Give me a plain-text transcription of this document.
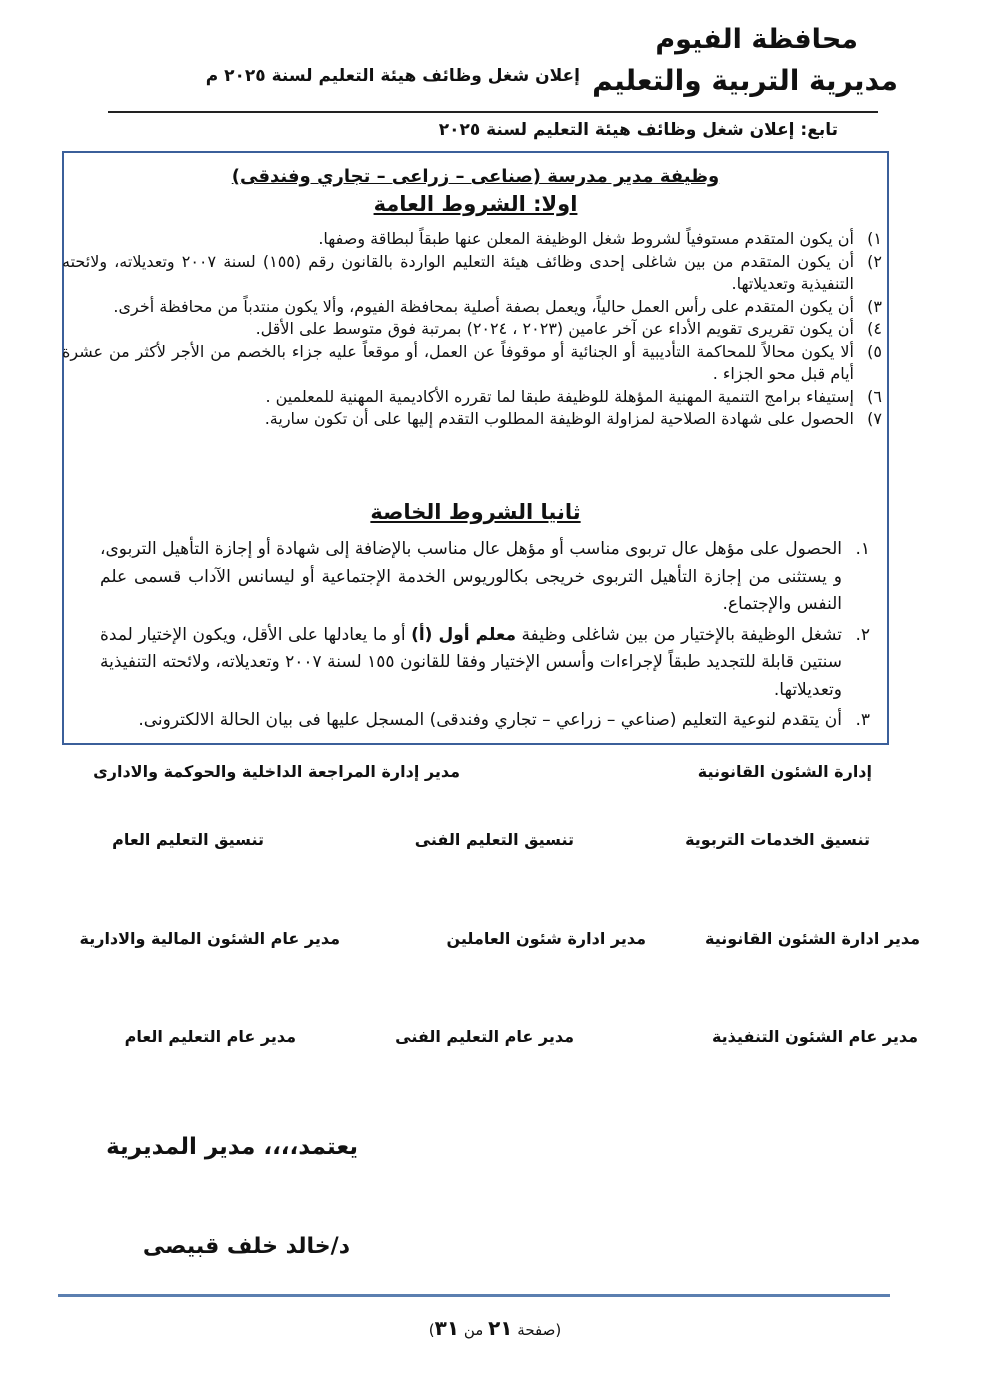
محافظة الفيوم
مديرية التربية والتعليم
إعلان شغل وظائف هيئة التعليم لسنة ٢٠٢٥ م
تابع: إعلان شغل وظائف هيئة التعليم لسنة ٢٠٢٥
وظيفة مدير مدرسة (صناعى – زراعى – تجاري وفندقى)
اولا: الشروط العامة
١)
أن يكون المتقدم مستوفياً لشروط شغل الوظيفة المعلن عنها طبقاً لبطاقة وصفها.
٢)
أن يكون المتقدم من بين شاغلى إحدى وظائف هيئة التعليم الواردة بالقانون رقم (١٥٥) لسنة ٢٠٠٧ وتعديلاته، ولائحته التنفيذية وتعديلاتها.
٣)
أن يكون المتقدم على رأس العمل حالياً، ويعمل بصفة أصلية بمحافظة الفيوم، وألا يكون منتدباً من محافظة أخرى.
٤)
أن يكون تقريرى تقويم الأداء عن آخر عامين (٢٠٢٣ ، ٢٠٢٤) بمرتبة فوق متوسط على الأقل.
٥)
ألا يكون محالاً للمحاكمة التأديبية أو الجنائية أو موقوفاً عن العمل، أو موقعاً عليه جزاء بالخصم من الأجر لأكثر من عشرة أيام قبل محو الجزاء .
٦)
إستيفاء برامج التنمية المهنية المؤهلة للوظيفة طبقا لما تقرره الأكاديمية المهنية للمعلمين .
٧)
الحصول على شهادة الصلاحية لمزاولة الوظيفة المطلوب التقدم إليها على أن تكون سارية.
ثانيا الشروط الخاصة
١.
الحصول على مؤهل عال تربوى مناسب أو مؤهل عال مناسب بالإضافة إلى شهادة أو إجازة التأهيل التربوى، و يستثنى من إجازة التأهيل التربوى خريجى بكالوريوس الخدمة الإجتماعية أو ليسانس الآداب قسمى علم النفس والإجتماع.
٢.
تشغل الوظيفة بالإختيار من بين شاغلى وظيفة معلم أول (أ) أو ما يعادلها على الأقل، ويكون الإختيار لمدة سنتين قابلة للتجديد طبقاً لإجراءات وأسس الإختيار وفقا للقانون ١٥٥ لسنة ٢٠٠٧ وتعديلاته، ولائحته التنفيذية وتعديلاتها.
٣.
أن يتقدم لنوعية التعليم (صناعي – زراعي – تجاري وفندقى) المسجل عليها فى بيان الحالة الالكترونى.
إدارة الشئون القانونية
مدير إدارة المراجعة الداخلية والحوكمة والادارى
تنسيق الخدمات التربوية
تنسيق التعليم الفنى
تنسيق التعليم العام
مدير ادارة الشئون القانونية
مدير ادارة شئون العاملين
مدير عام الشئون المالية والادارية
مدير عام الشئون التنفيذية
مدير عام التعليم الفنى
مدير عام التعليم العام
يعتمد،،،، مدير المديرية
د/خالد خلف قبيصى
(صفحة ٢١ من ٣١)
